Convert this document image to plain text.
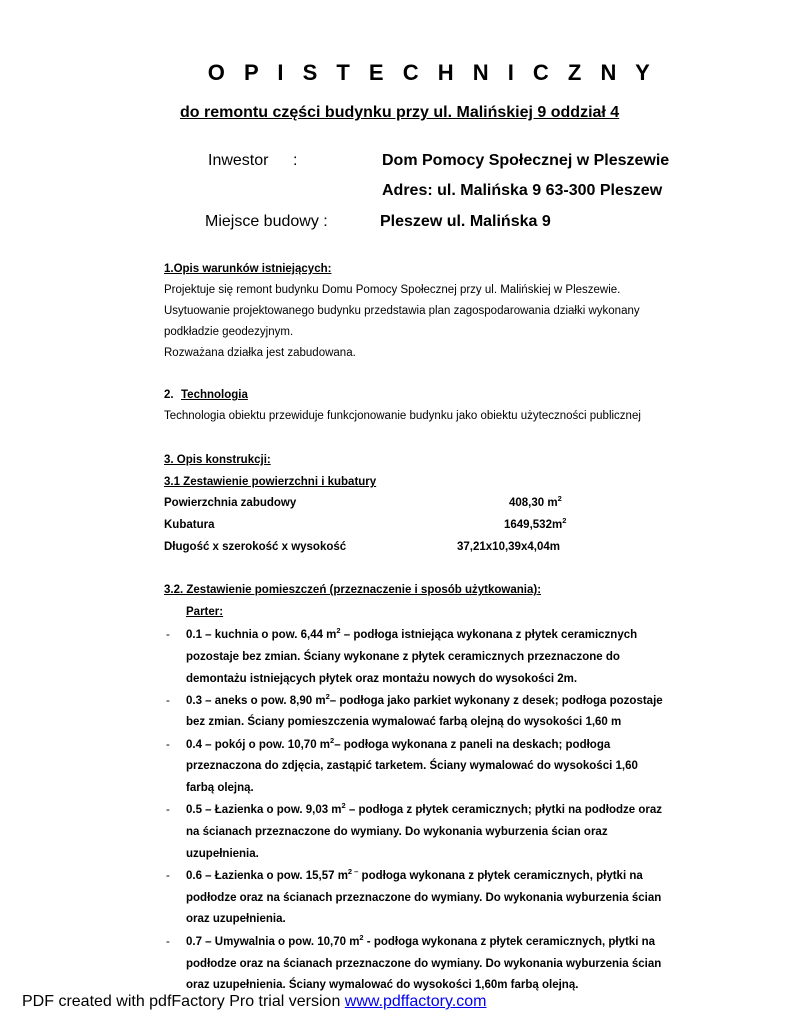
O P I S T E C H N I C Z N Y
do remontu części budynku przy ul. Malińskiej 9 oddział 4
Inwestor :	Dom Pomocy Społecznej w Pleszewie
Adres: ul. Malińska 9 63-300 Pleszew
Miejsce budowy :	Pleszew ul. Malińska 9
1.Opis warunków istniejących:
Projektuje się remont budynku Domu Pomocy Społecznej przy ul. Malińskiej w Pleszewie.
Usytuowanie projektowanego budynku przedstawia plan zagospodarowania działki wykonany
podkładzie geodezyjnym.
Rozważana działka jest zabudowana.
2. Technologia
Technologia obiektu przewiduje funkcjonowanie budynku jako obiektu użyteczności publicznej
3. Opis konstrukcji:
3.1 Zestawienie powierzchni i kubatury
Powierzchnia zabudowy	408,30 $m^2$
Kubatura	$1649,532m^2$
Długość x szerokość x wysokość	37,21x10,39x4,04m
3.2. Zestawienie pomieszczeń (przeznaczenie i sposób użytkowania):
Parter:
- 0.1 – kuchnia o pow. 6,44 $m^2$ – podłoga istniejąca wykonana z płytek ceramicznych
pozostaje bez zmian. Ściany wykonane z płytek ceramicznych przeznaczone do
demontażu istniejących płytek oraz montażu nowych do wysokości 2m.
- 0.3 – aneks o pow. 8,90 $m^2-$ podłoga jako parkiet wykonany z desek; podłoga pozostaje
bez zmian. Ściany pomieszczenia wymalować farbą olejną do wysokości 1,60 m
- 0.4 – pokój o pow. 10,70 $m^2-$ podłoga wykonana z paneli na deskach; podłoga
przeznaczona do zdjęcia, zastąpić tarketem. Ściany wymalować do wysokości 1,60
farbą olejną.
- 0.5 – Łazienka o pow. 9,03 $m^2$ – podłoga z płytek ceramicznych; płytki na podłodze oraz
na ścianach przeznaczone do wymiany. Do wykonania wyburzenia ścian oraz
uzupełnienia.
- 0.6 – Łazienka o pow. 15,57 $m^{2 -}$ podłoga wykonana z płytek ceramicznych, płytki na
podłodze oraz na ścianach przeznaczone do wymiany. Do wykonania wyburzenia ścian
oraz uzupełnienia.
- 0.7 – Umywalnia o pow. 10,70 $m^2$ - podłoga wykonana z płytek ceramicznych, płytki na
podłodze oraz na ścianach przeznaczone do wymiany. Do wykonania wyburzenia ścian
oraz uzupełnienia. Ściany wymalować do wysokości 1,60m farbą olejną.
PDF created with pdfFactory Pro trial version www.pdffactory.com
